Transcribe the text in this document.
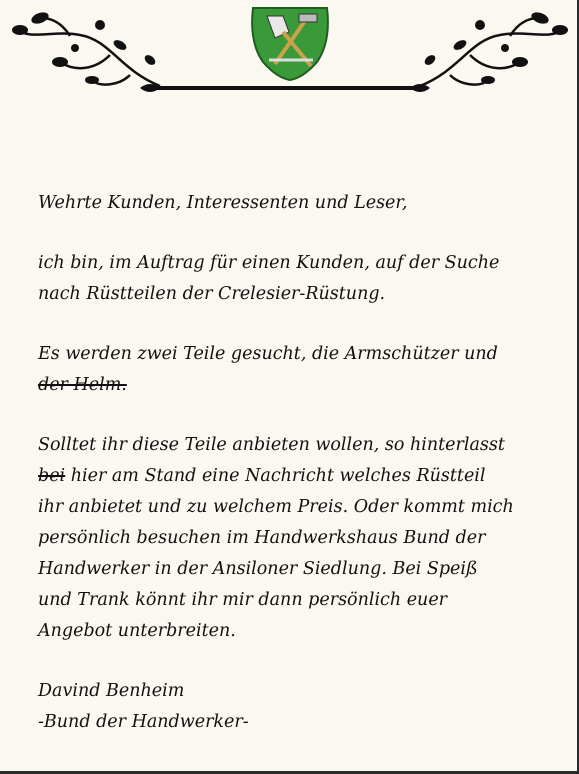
Wehrte Kunden, Interessenten und Leser,
ich bin, im Auftrag für einen Kunden, auf der Suche
nach Rüstteilen der Crelesier-Rüstung.
Es werden zwei Teile gesucht, die Armschützer und
der Helm.
Solltet ihr diese Teile anbieten wollen, so hinterlasst
bei hier am Stand eine Nachricht welches Rüstteil
ihr anbietet und zu welchem Preis. Oder kommt mich
persönlich besuchen im Handwerkshaus Bund der
Handwerker in der Ansiloner Siedlung. Bei Speiß
und Trank könnt ihr mir dann persönlich euer
Angebot unterbreiten.
Davind Benheim
-Bund der Handwerker-
